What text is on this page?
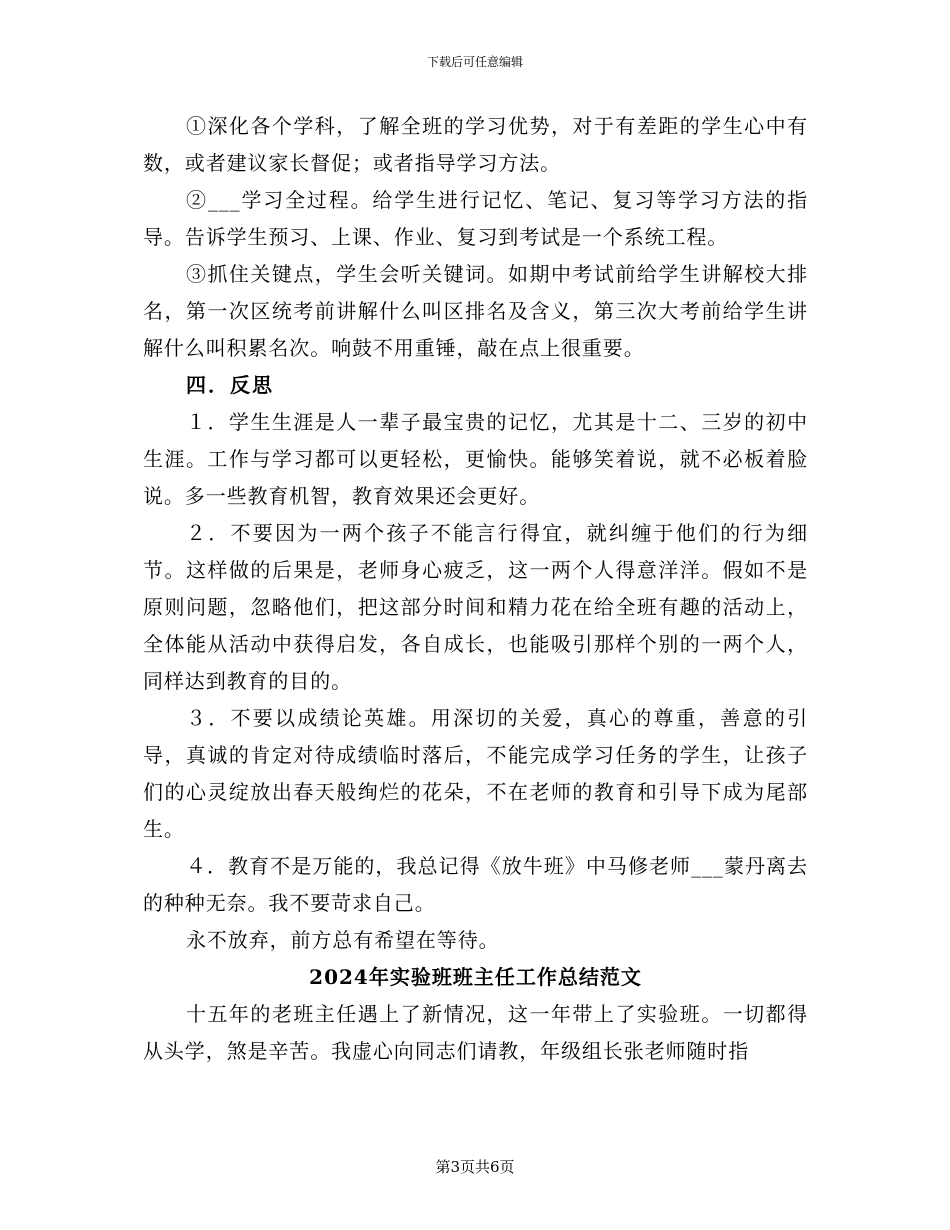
下载后可任意编辑

①深化各个学科，了解全班的学习优势，对于有差距的学生心中有数，或者建议家长督促；或者指导学习方法。

②___学习全过程。给学生进行记忆、笔记、复习等学习方法的指导。告诉学生预习、上课、作业、复习到考试是一个系统工程。

③抓住关键点，学生会听关键词。如期中考试前给学生讲解校大排名，第一次区统考前讲解什么叫区排名及含义，第三次大考前给学生讲解什么叫积累名次。响鼓不用重锤，敲在点上很重要。

四．反思

１．学生生涯是人一辈子最宝贵的记忆，尤其是十二、三岁的初中生涯。工作与学习都可以更轻松，更愉快。能够笑着说，就不必板着脸说。多一些教育机智，教育效果还会更好。

２．不要因为一两个孩子不能言行得宜，就纠缠于他们的行为细节。这样做的后果是，老师身心疲乏，这一两个人得意洋洋。假如不是原则问题，忽略他们，把这部分时间和精力花在给全班有趣的活动上，全体能从活动中获得启发，各自成长，也能吸引那样个别的一两个人，同样达到教育的目的。

３．不要以成绩论英雄。用深切的关爱，真心的尊重，善意的引导，真诚的肯定对待成绩临时落后，不能完成学习任务的学生，让孩子们的心灵绽放出春天般绚烂的花朵，不在老师的教育和引导下成为尾部生。

４．教育不是万能的，我总记得《放牛班》中马修老师___蒙丹离去的种种无奈。我不要苛求自己。

永不放弃，前方总有希望在等待。

2024年实验班班主任工作总结范文

十五年的老班主任遇上了新情况，这一年带上了实验班。一切都得从头学，煞是辛苦。我虚心向同志们请教，年级组长张老师随时指

第3页共6页
